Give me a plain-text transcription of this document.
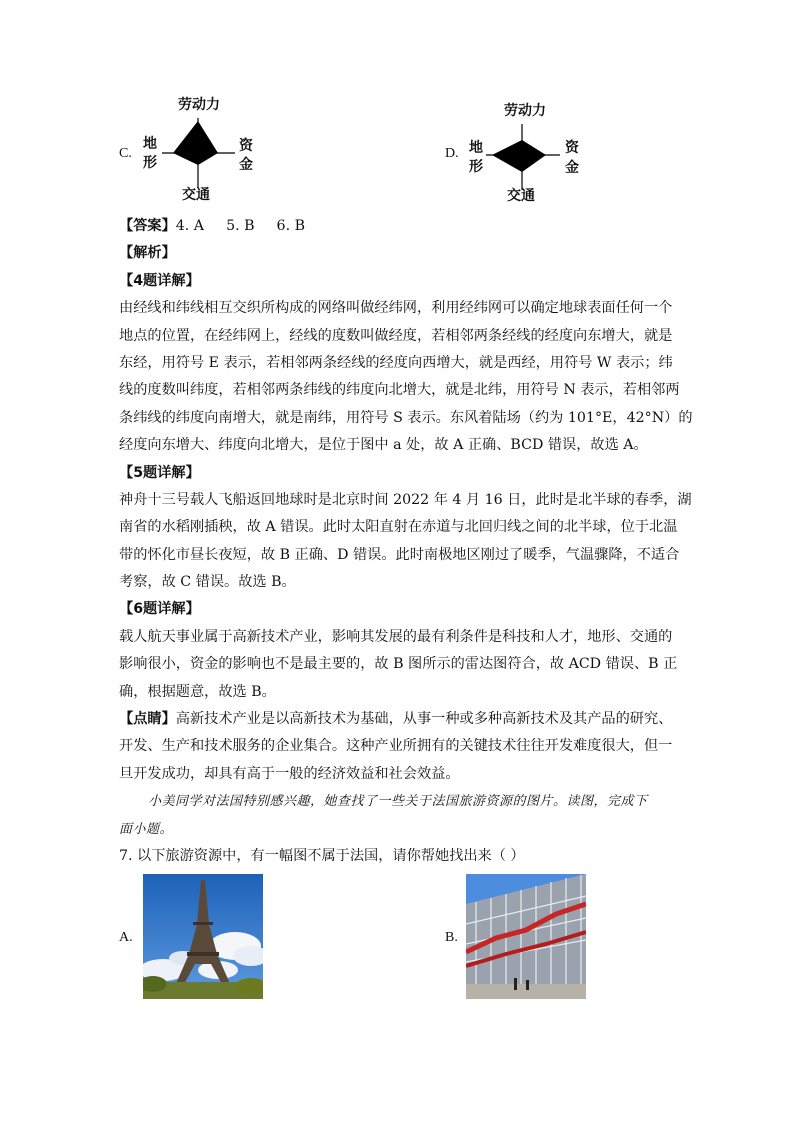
C.
劳动力
地
形
资
金
交通
D.
劳动力
地
形
资
金
交通
【答案】4. A 5. B 6. B
【解析】
【4题详解】
由经线和纬线相互交织所构成的网络叫做经纬网，利用经纬网可以确定地球表面任何一个
地点的位置，在经纬网上，经线的度数叫做经度，若相邻两条经线的经度向东增大，就是
东经，用符号 E 表示，若相邻两条经线的经度向西增大，就是西经，用符号 W 表示；纬
线的度数叫纬度，若相邻两条纬线的纬度向北增大，就是北纬，用符号 N 表示，若相邻两
条纬线的纬度向南增大，就是南纬，用符号 S 表示。东风着陆场（约为 101°E，42°N）的
经度向东增大、纬度向北增大，是位于图中 a 处，故 A 正确、BCD 错误，故选 A。
【5题详解】
神舟十三号载人飞船返回地球时是北京时间 2022 年 4 月 16 日，此时是北半球的春季，湖
南省的水稻刚插秧，故 A 错误。此时太阳直射在赤道与北回归线之间的北半球，位于北温
带的怀化市昼长夜短，故 B 正确、D 错误。此时南极地区刚过了暖季，气温骤降，不适合
考察，故 C 错误。故选 B。
【6题详解】
载人航天事业属于高新技术产业，影响其发展的最有利条件是科技和人才，地形、交通的
影响很小，资金的影响也不是最主要的，故 B 图所示的雷达图符合，故 ACD 错误、B 正
确，根据题意，故选 B。
【点睛】高新技术产业是以高新技术为基础，从事一种或多种高新技术及其产品的研究、
开发、生产和技术服务的企业集合。这种产业所拥有的关键技术往往开发难度很大，但一
旦开发成功，却具有高于一般的经济效益和社会效益。
小美同学对法国特别感兴趣，她查找了一些关于法国旅游资源的图片。读图，完成下
面小题。
7. 以下旅游资源中，有一幅图不属于法国，请你帮她找出来（ ）
A.	B.
